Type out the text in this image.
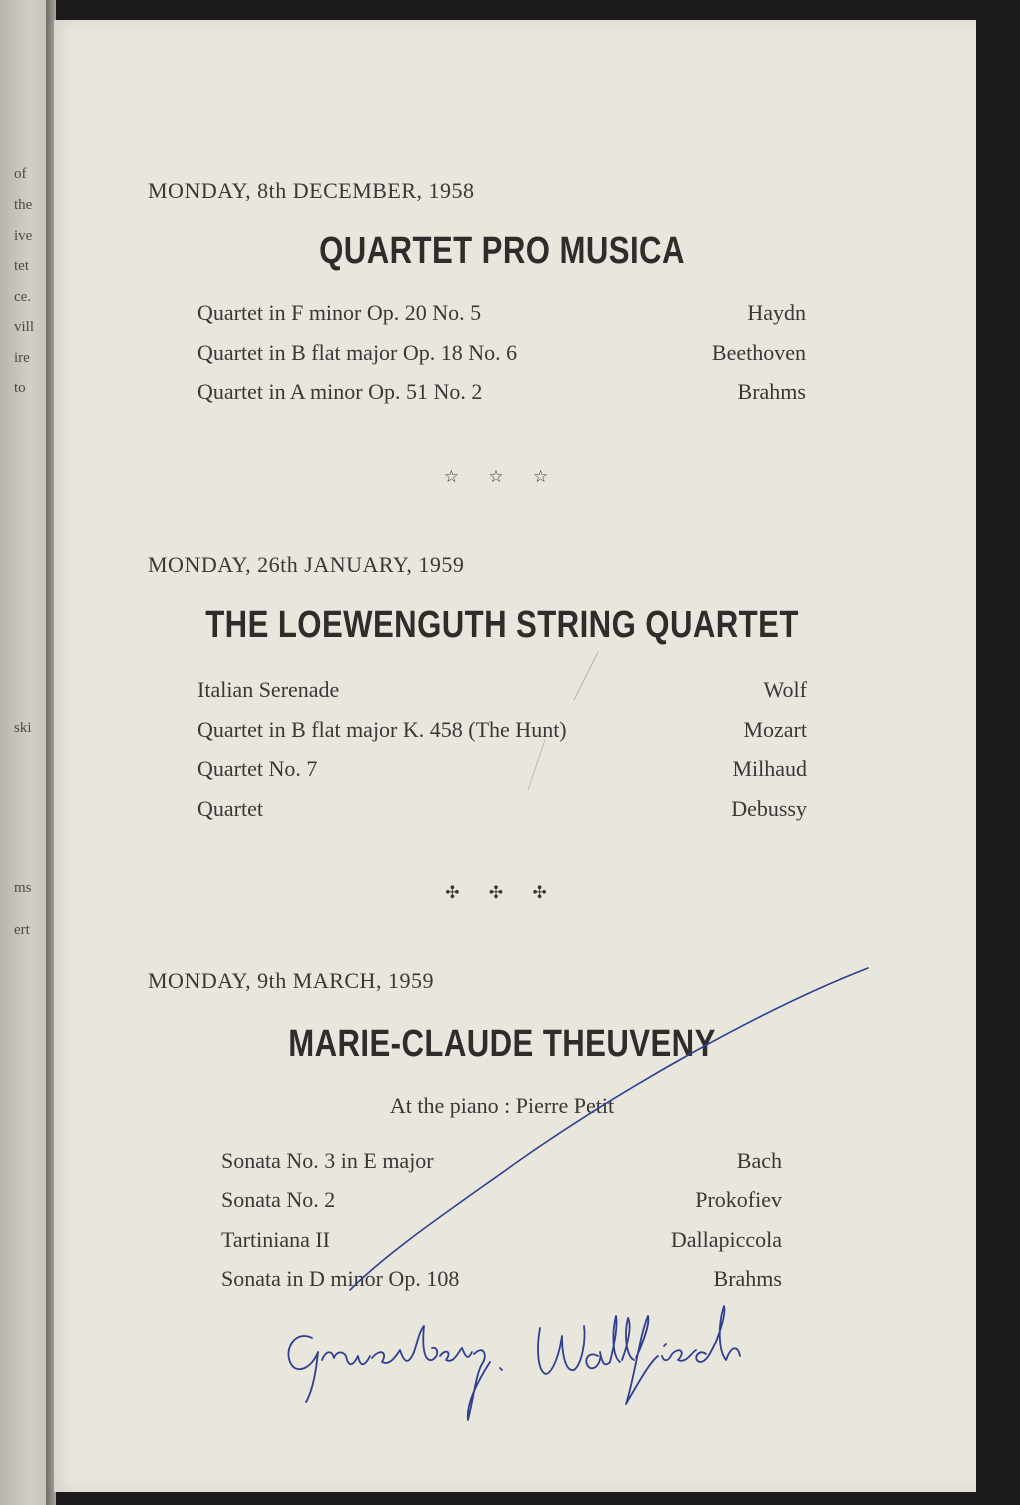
of
the
ive
tet
ce.
vill
ire
to
ski
ms
ert
MONDAY, 8th DECEMBER, 1958
QUARTET PRO MUSICA
Quartet in F minor Op. 20 No. 5	Haydn
Quartet in B flat major Op. 18 No. 6	Beethoven
Quartet in A minor Op. 51 No. 2	Brahms
☆ ☆ ☆
MONDAY, 26th JANUARY, 1959
THE LOEWENGUTH STRING QUARTET
Italian Serenade	Wolf
Quartet in B flat major K. 458 (The Hunt)	Mozart
Quartet No. 7	Milhaud
Quartet	Debussy
✣ ✣ ✣
MONDAY, 9th MARCH, 1959
MARIE-CLAUDE THEUVENY
At the piano : Pierre Petit
Sonata No. 3 in E major	Bach
Sonata No. 2	Prokofiev
Tartiniana II	Dallapiccola
Sonata in D minor Op. 108	Brahms
